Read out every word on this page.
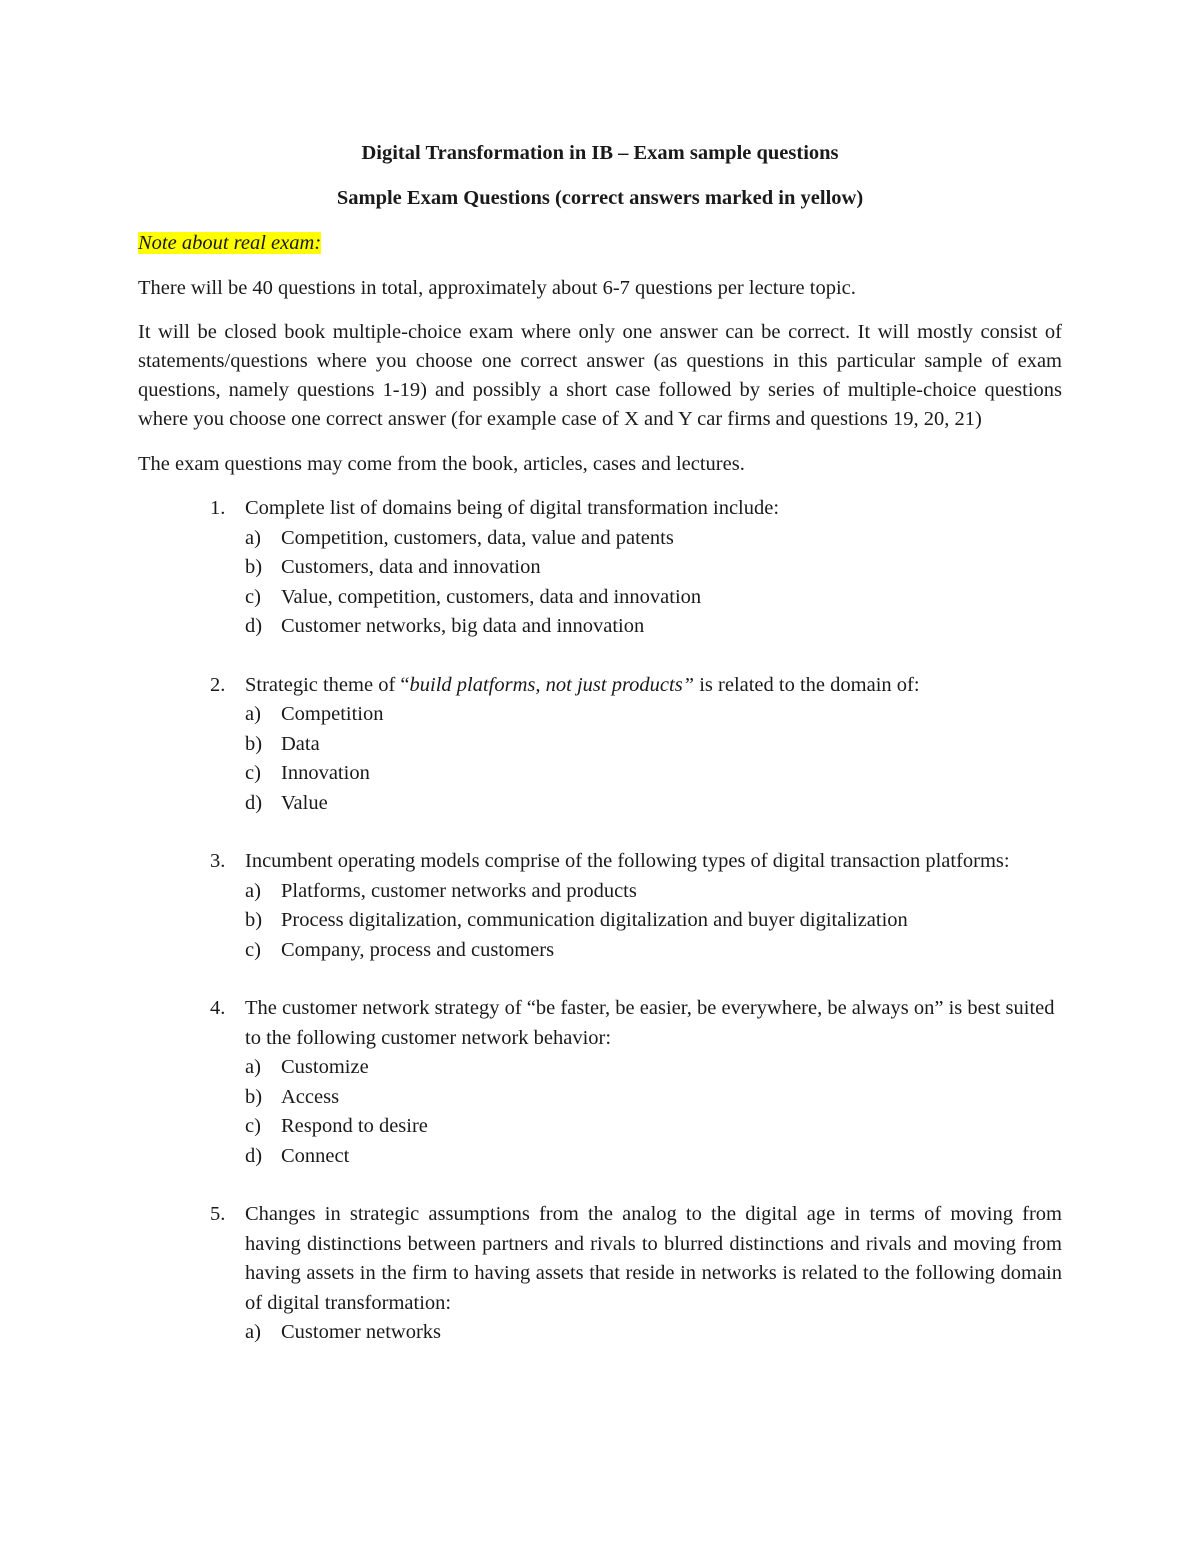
Digital Transformation in IB – Exam sample questions
Sample Exam Questions (correct answers marked in yellow)
Note about real exam:

There will be 40 questions in total, approximately about 6-7 questions per lecture topic.

It will be closed book multiple-choice exam where only one answer can be correct. It will mostly consist of statements/questions where you choose one correct answer (as questions in this particular sample of exam questions, namely questions 1-19) and possibly a short case followed by series of multiple-choice questions where you choose one correct answer (for example case of X and Y car firms and questions 19, 20, 21)

The exam questions may come from the book, articles, cases and lectures.

1. Complete list of domains being of digital transformation include:
a) Competition, customers, data, value and patents
b) Customers, data and innovation
c) Value, competition, customers, data and innovation
d) Customer networks, big data and innovation
2. Strategic theme of “build platforms, not just products” is related to the domain of:
a) Competition
b) Data
c) Innovation
d) Value
3. Incumbent operating models comprise of the following types of digital transaction platforms:
a) Platforms, customer networks and products
b) Process digitalization, communication digitalization and buyer digitalization
c) Company, process and customers
4. The customer network strategy of “be faster, be easier, be everywhere, be always on” is best suited to the following customer network behavior:
a) Customize
b) Access
c) Respond to desire
d) Connect
5. Changes in strategic assumptions from the analog to the digital age in terms of moving from having distinctions between partners and rivals to blurred distinctions and rivals and moving from having assets in the firm to having assets that reside in networks is related to the following domain of digital transformation:
a) Customer networks
